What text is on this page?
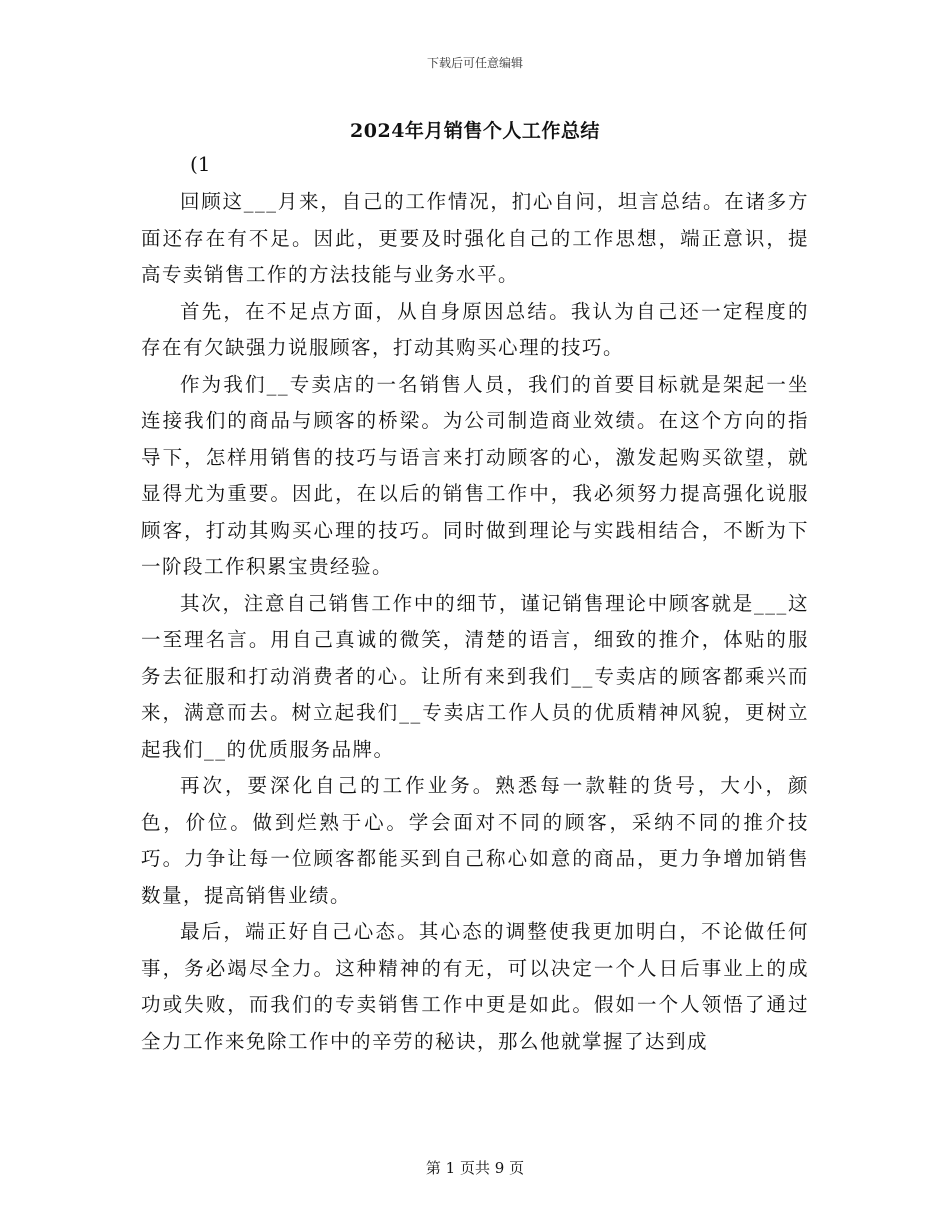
下载后可任意编辑
2024年月销售个人工作总结
(1

回顾这___月来，自己的工作情况，扪心自问，坦言总结。在诸多方面还存在有不足。因此，更要及时强化自己的工作思想，端正意识，提高专卖销售工作的方法技能与业务水平。

首先，在不足点方面，从自身原因总结。我认为自己还一定程度的存在有欠缺强力说服顾客，打动其购买心理的技巧。

作为我们__专卖店的一名销售人员，我们的首要目标就是架起一坐连接我们的商品与顾客的桥梁。为公司制造商业效绩。在这个方向的指导下，怎样用销售的技巧与语言来打动顾客的心，激发起购买欲望，就显得尤为重要。因此，在以后的销售工作中，我必须努力提高强化说服顾客，打动其购买心理的技巧。同时做到理论与实践相结合，不断为下一阶段工作积累宝贵经验。

其次，注意自己销售工作中的细节，谨记销售理论中顾客就是___这一至理名言。用自己真诚的微笑，清楚的语言，细致的推介，体贴的服务去征服和打动消费者的心。让所有来到我们__专卖店的顾客都乘兴而来，满意而去。树立起我们__专卖店工作人员的优质精神风貌，更树立起我们__的优质服务品牌。

再次，要深化自己的工作业务。熟悉每一款鞋的货号，大小，颜色，价位。做到烂熟于心。学会面对不同的顾客，采纳不同的推介技巧。力争让每一位顾客都能买到自己称心如意的商品，更力争增加销售数量，提高销售业绩。

最后，端正好自己心态。其心态的调整使我更加明白，不论做任何事，务必竭尽全力。这种精神的有无，可以决定一个人日后事业上的成功或失败，而我们的专卖销售工作中更是如此。假如一个人领悟了通过全力工作来免除工作中的辛劳的秘诀，那么他就掌握了达到成

第 1 页共 9 页
